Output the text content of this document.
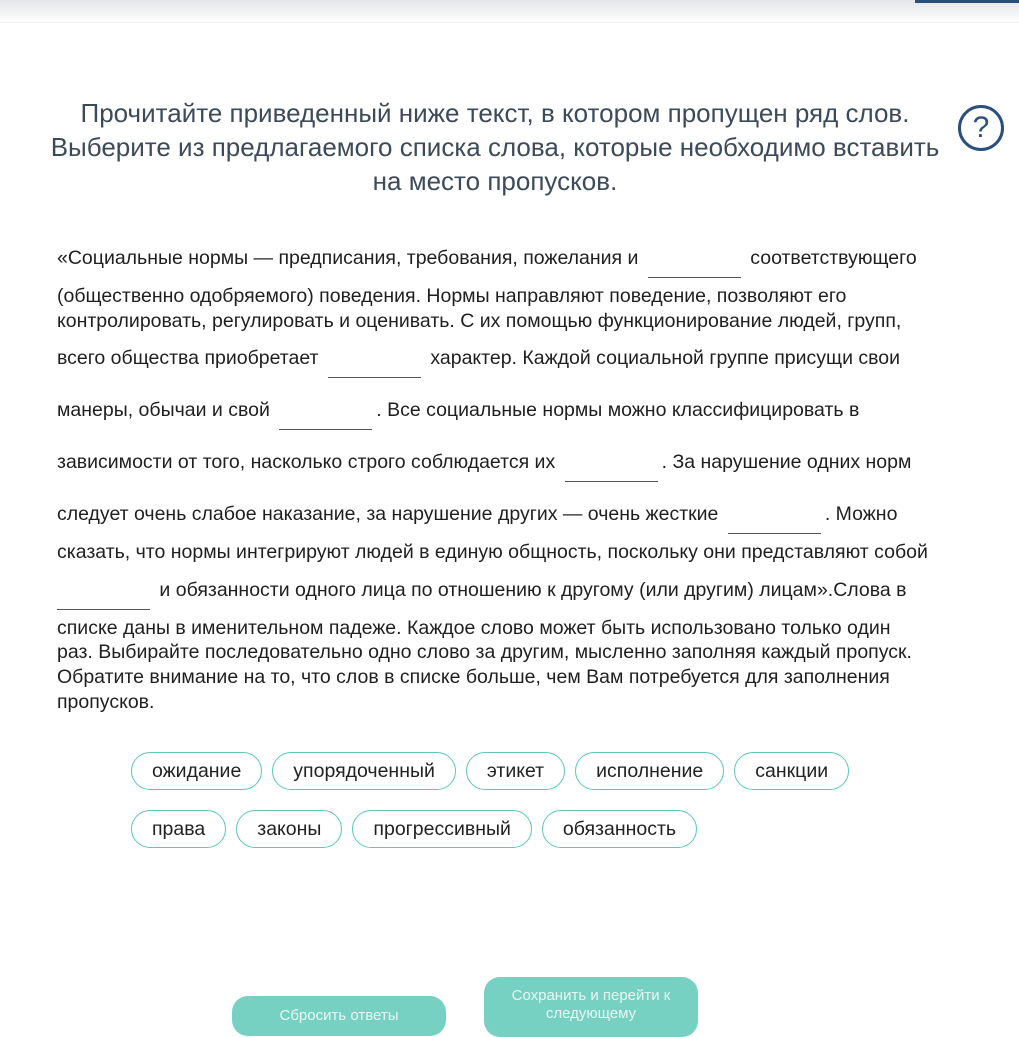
Прочитайте приведенный ниже текст, в котором пропущен ряд слов. Выберите из предлагаемого списка слова, которые необходимо вставить на место пропусков.
?
«Социальные нормы — предписания, требования, пожелания и	соответствующего
(общественно одобряемого) поведения. Нормы направляют поведение, позволяют его
контролировать, регулировать и оценивать. С их помощью функционирование людей, групп,
всего общества приобретает	характер. Каждой социальной группе присущи свои
манеры, обычаи и свой	. Все социальные нормы можно классифицировать в
зависимости от того, насколько строго соблюдается их	. За нарушение одних норм
следует очень слабое наказание, за нарушение других — очень жесткие	. Можно
сказать, что нормы интегрируют людей в единую общность, поскольку они представляют собой
и обязанности одного лица по отношению к другому (или другим) лицам».Слова в
списке даны в именительном падеже. Каждое слово может быть использовано только один
раз. Выбирайте последовательно одно слово за другим, мысленно заполняя каждый пропуск.
Обратите внимание на то, что слов в списке больше, чем Вам потребуется для заполнения
пропусков.
ожидание	упорядоченный	этикет	исполнение	санкции
права	законы	прогрессивный	обязанность
Сбросить ответы
Сохранить и перейти к следующему
